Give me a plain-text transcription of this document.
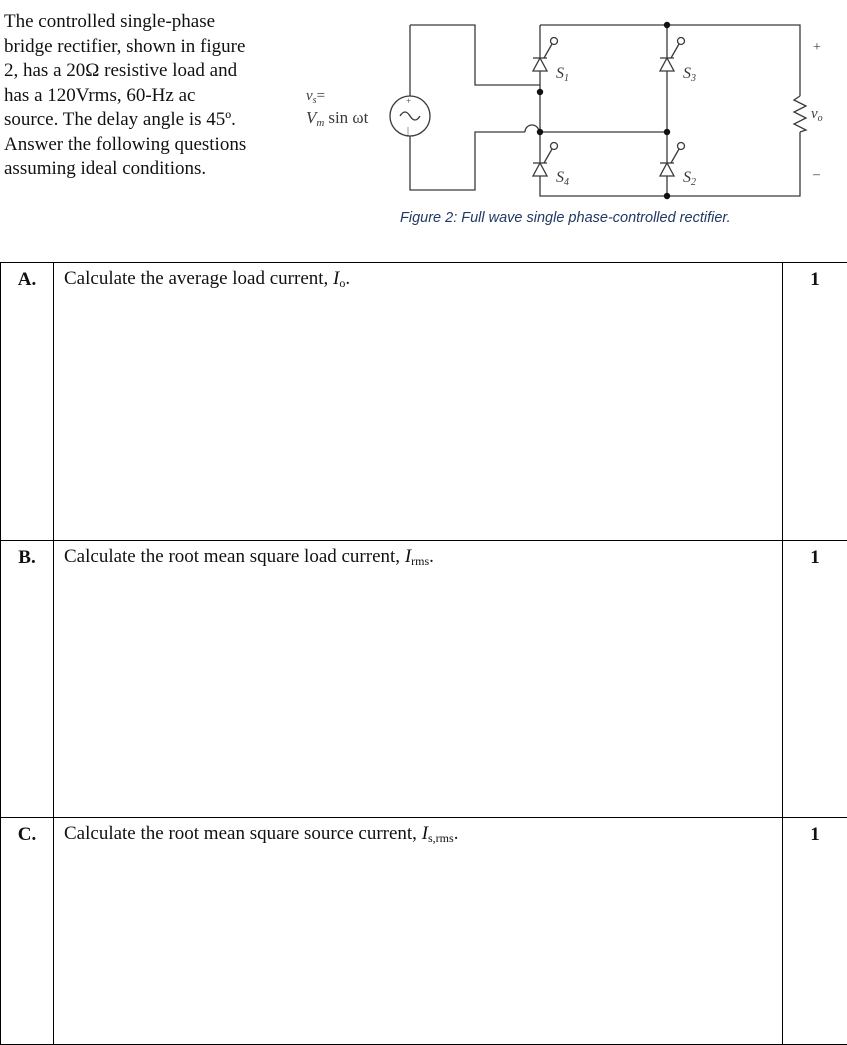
The controlled single-phase
bridge rectifier, shown in figure
2, has a 20Ω resistive load and
has a 120Vrms, 60-Hz ac
source. The delay angle is 45º.
Answer the following questions
assuming ideal conditions.
$v_s=$
Vm sin ωt
+
|
S1	S3
S4	S2
+
$v_o$
–
Figure 2: Full wave single phase-controlled rectifier.
A.	Calculate the average load current, $I_o$.	1
B.	Calculate the root mean square load current, $I_{rms}$.	1
C.	Calculate the root mean square source current, $I_{s,rms}$.	1
